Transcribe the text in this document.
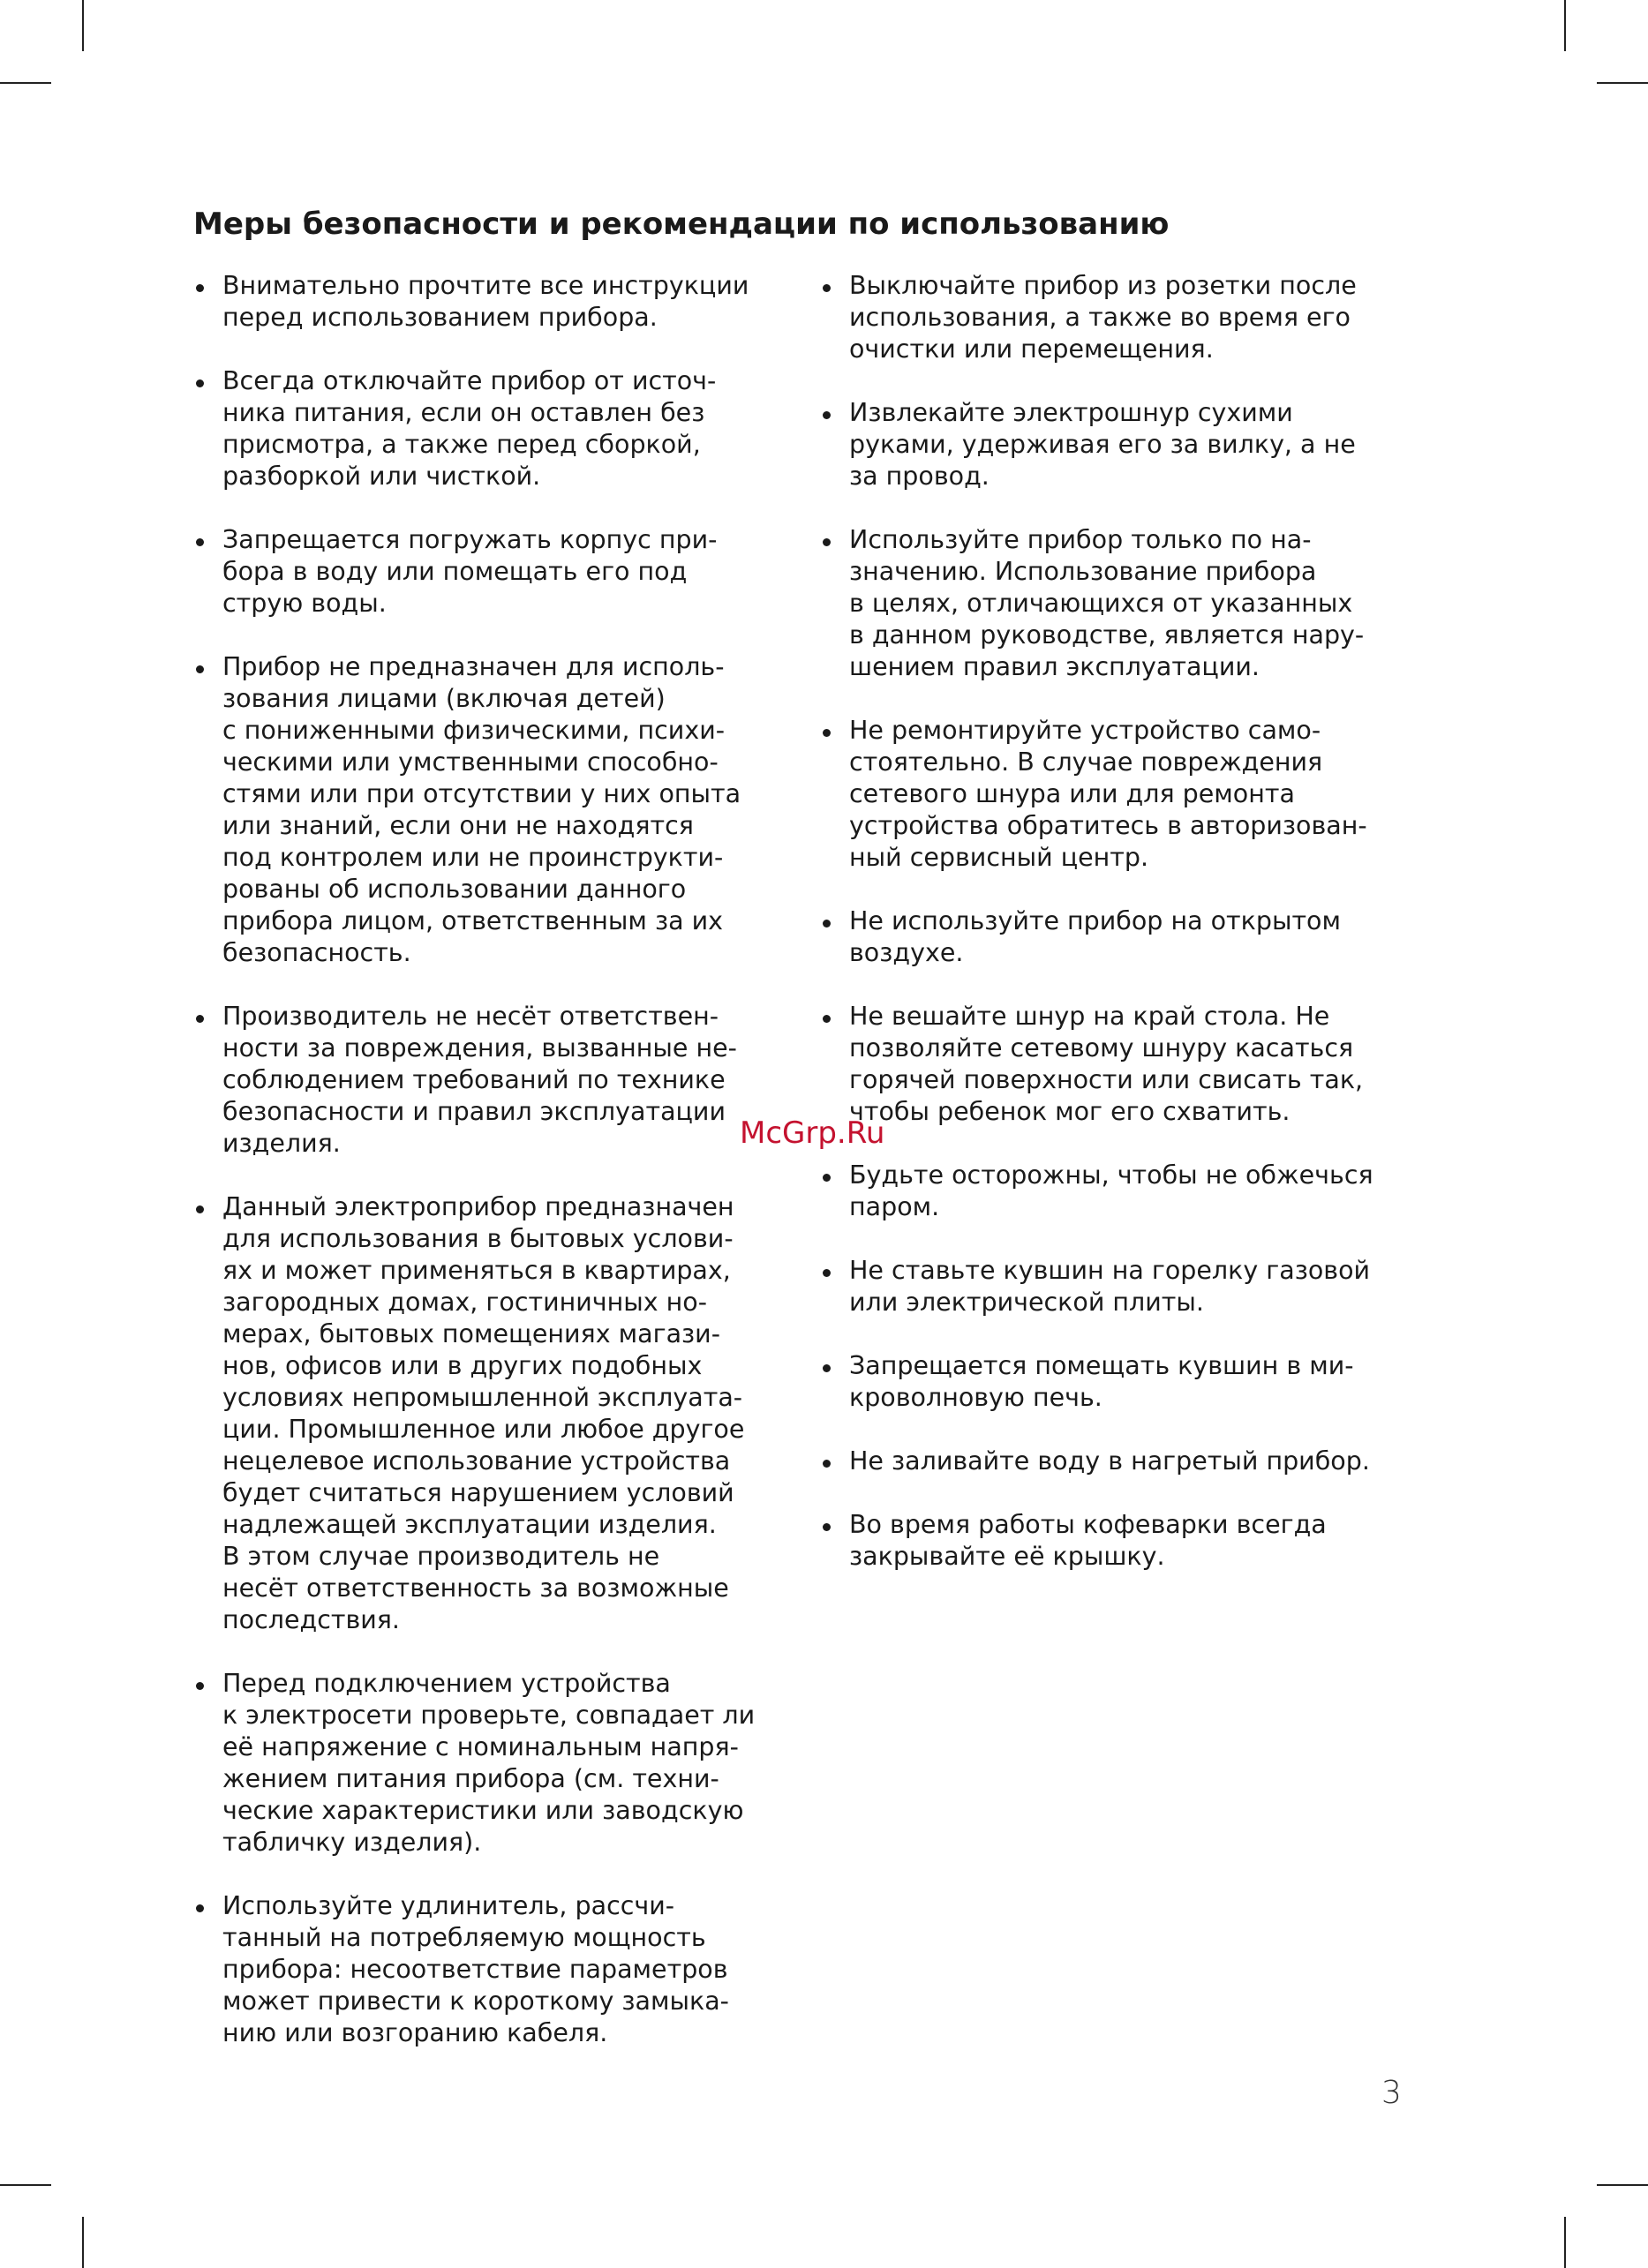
Меры безопасности и рекомендации по использованию
Внимательно прочтите все инструкции
перед использованием прибора.
Всегда отключайте прибор от источ-
ника питания, если он оставлен без
присмотра, а также перед сборкой,
разборкой или чисткой.
Запрещается погружать корпус при-
бора в воду или помещать его под
струю воды.
Прибор не предназначен для исполь-
зования лицами (включая детей)
с пониженными физическими, психи-
ческими или умственными способно-
стями или при отсутствии у них опыта
или знаний, если они не находятся
под контролем или не проинструкти-
рованы об использовании данного
прибора лицом, ответственным за их
безопасность.
Производитель не несёт ответствен-
ности за повреждения, вызванные не-
соблюдением требований по технике
безопасности и правил эксплуатации
изделия.
Данный электроприбор предназначен
для использования в бытовых услови-
ях и может применяться в квартирах,
загородных домах, гостиничных но-
мерах, бытовых помещениях магази-
нов, офисов или в других подобных
условиях непромышленной эксплуата-
ции. Промышленное или любое другое
нецелевое использование устройства
будет считаться нарушением условий
надлежащей эксплуатации изделия.
В этом случае производитель не
несёт ответственность за возможные
последствия.
Перед подключением устройства
к электросети проверьте, совпадает ли
её напряжение с номинальным напря-
жением питания прибора (см. техни-
ческие характеристики или заводскую
табличку изделия).
Используйте удлинитель, рассчи-
танный на потребляемую мощность
прибора: несоответствие параметров
может привести к короткому замыка-
нию или возгоранию кабеля.
Выключайте прибор из розетки после
использования, а также во время его
очистки или перемещения.
Извлекайте электрошнур сухими
руками, удерживая его за вилку, а не
за провод.
Используйте прибор только по на-
значению. Использование прибора
в целях, отличающихся от указанных
в данном руководстве, является нару-
шением правил эксплуатации.
Не ремонтируйте устройство само-
стоятельно. В случае повреждения
сетевого шнура или для ремонта
устройства обратитесь в авторизован-
ный сервисный центр.
Не используйте прибор на открытом
воздухе.
Не вешайте шнур на край стола. Не
позволяйте сетевому шнуру касаться
горячей поверхности или свисать так,
чтобы ребенок мог его схватить.
Будьте осторожны, чтобы не обжечься
паром.
Не ставьте кувшин на горелку газовой
или электрической плиты.
Запрещается помещать кувшин в ми-
кроволновую печь.
Не заливайте воду в нагретый прибор.
Во время работы кофеварки всегда
закрывайте её крышку.
McGrp.Ru
3
